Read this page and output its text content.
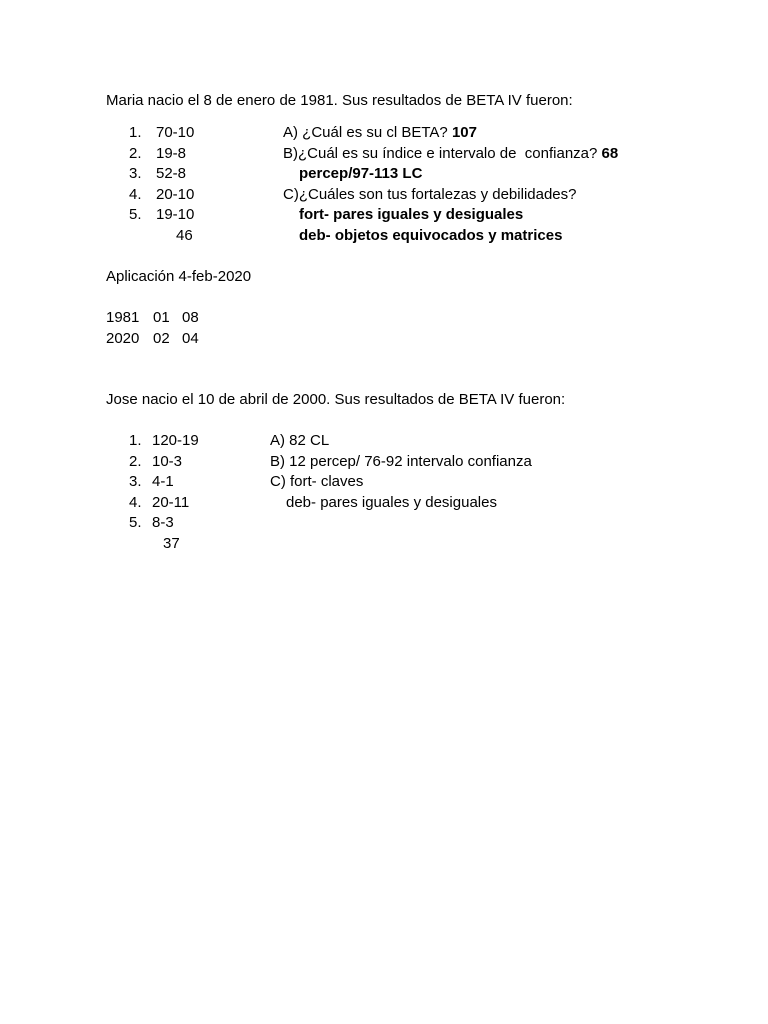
Maria nacio el 8 de enero de 1981. Sus resultados de BETA IV fueron:
1. 70-10
2. 19-8
3. 52-8
4. 20-10
5. 19-10
46
A) ¿Cuál es su cl BETA? 107
B)¿Cuál es su índice e intervalo de  confianza? 68
percep/97-113 LC
C)¿Cuáles son tus fortalezas y debilidades?
fort- pares iguales y desiguales
deb- objetos equivocados y matrices
Aplicación 4-feb-2020
1981 01 08
2020 02 04
Jose nacio el 10 de abril de 2000. Sus resultados de BETA IV fueron:
1. 120-19
2. 10-3
3. 4-1
4. 20-11
5. 8-3
37
A) 82 CL
B) 12 percep/ 76-92 intervalo confianza
C) fort- claves
deb- pares iguales y desiguales
